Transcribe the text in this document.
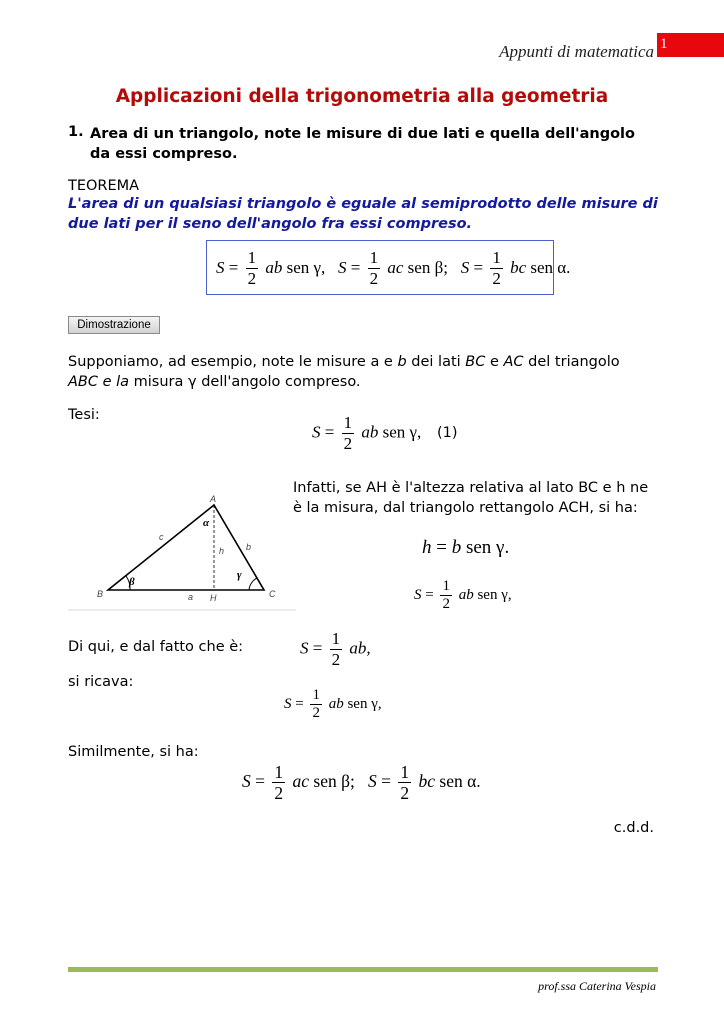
Appunti di matematica 1
Applicazioni della trigonometria alla geometria
1. Area di un triangolo, note le misure di due lati e quella dell'angolo da essi compreso.
TEOREMA
L'area di un qualsiasi triangolo è eguale al semiprodotto delle misure di due lati per il seno dell'angolo fra essi compreso.
$S = \frac{1}{2}$ ab sen γ, $S = \frac{1}{2}$ ac sen β; $S = \frac{1}{2}$ bc sen α.
Dimostrazione
Supponiamo, ad esempio, note le misure a e b dei lati BC e AC del triangolo
ABC e la misura γ dell'angolo compreso.
Tesi:
$S = \frac{1}{2}$ ab sen γ, (1)
A
B	C
H
a
b
c
h
α
β
γ
Infatti, se AH è l'altezza relativa al lato BC e h ne è la misura, dal triangolo rettangolo ACH, si ha:
h = b sen γ.
$S = \frac{1}{2}$ ab sen γ,
Di qui, e dal fatto che è:	$S = \frac{1}{2}$ ab,
si ricava:
$S = \frac{1}{2}$ ab sen γ,
Similmente, si ha:
$S = \frac{1}{2}$ ac sen β; $S = \frac{1}{2}$ bc sen α.
c.d.d.
prof.ssa Caterina Vespia
